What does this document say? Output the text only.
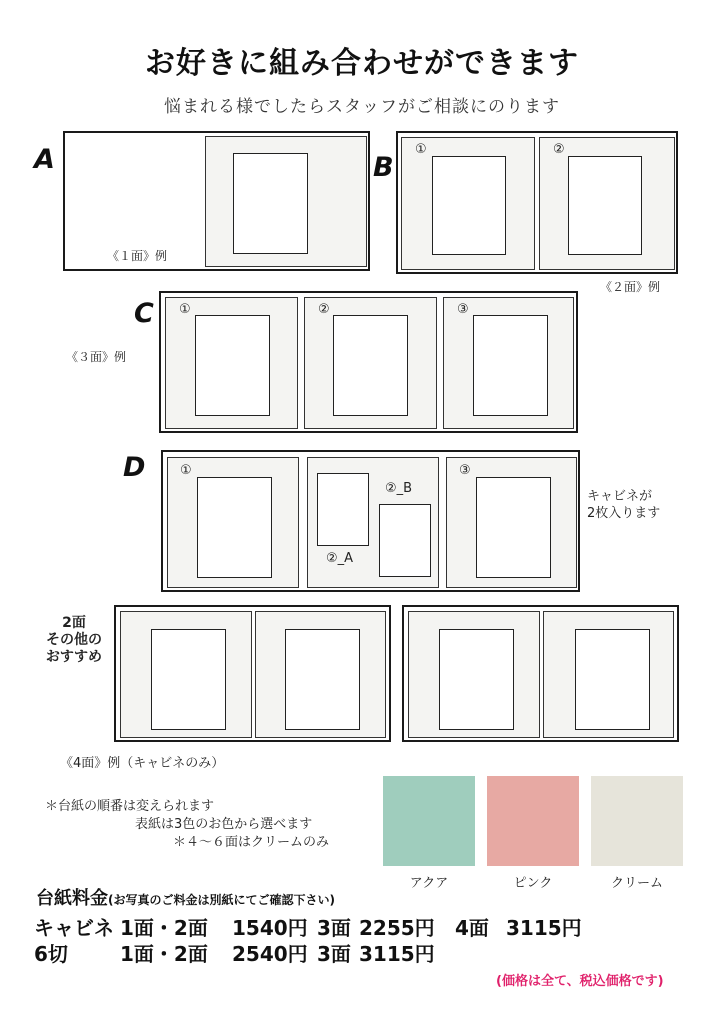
お好きに組み合わせができます
悩まれる様でしたらスタッフがご相談にのります
A
《１面》例
B
①	②
《２面》例
C
《３面》例
①	②	③
D	①
②_B
②_A
③
キャビネが
2枚入ります
2面
その他の
おすすめ
《4面》例（キャビネのみ）
＊台紙の順番は変えられます
表紙は3色のお色から選べます
＊４～６面はクリームのみ
アクア	ピンク	クリーム
台紙料金(お写真のご料金は別紙にてご確認下さい)
キャビネ 1面・2面 1540円 3面 2255円 4面 3115円
6切	1面・2面 2540円 3面 3115円
(価格は全て、税込価格です)
